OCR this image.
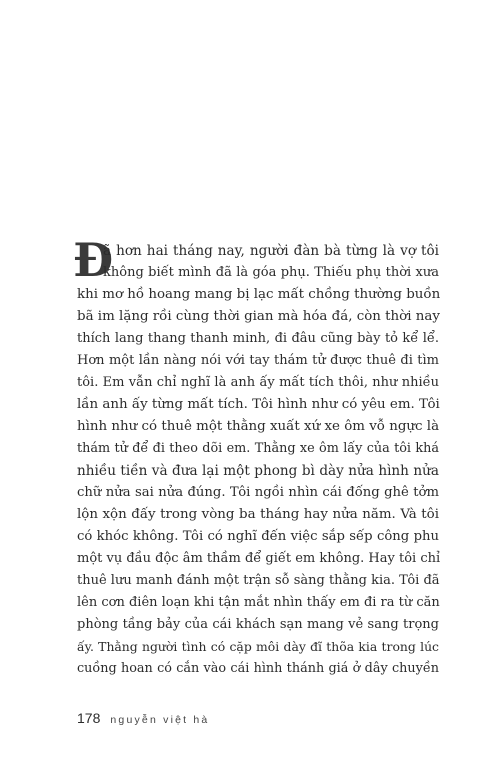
Đ
ã hơn hai tháng nay, người đàn bà từng là vợ tôi
không biết mình đã là góa phụ. Thiếu phụ thời xưa
khi mơ hồ hoang mang bị lạc mất chồng thường buồn
bã im lặng rồi cùng thời gian mà hóa đá, còn thời nay
thích lang thang thanh minh, đi đâu cũng bày tỏ kể lể.
Hơn một lần nàng nói với tay thám tử được thuê đi tìm
tôi. Em vẫn chỉ nghĩ là anh ấy mất tích thôi, như nhiều
lần anh ấy từng mất tích. Tôi hình như có yêu em. Tôi
hình như có thuê một thằng xuất xứ xe ôm vỗ ngực là
thám tử để đi theo dõi em. Thằng xe ôm lấy của tôi khá
nhiều tiền và đưa lại một phong bì dày nửa hình nửa
chữ nửa sai nửa đúng. Tôi ngồi nhìn cái đống ghê tởm
lộn xộn đấy trong vòng ba tháng hay nửa năm. Và tôi
có khóc không. Tôi có nghĩ đến việc sắp sếp công phu
một vụ đầu độc âm thầm để giết em không. Hay tôi chỉ
thuê lưu manh đánh một trận sỗ sàng thằng kia. Tôi đã
lên cơn điên loạn khi tận mắt nhìn thấy em đi ra từ căn
phòng tầng bảy của cái khách sạn mang vẻ sang trọng
ấy. Thằng người tình có cặp môi dày đĩ thõa kia trong lúc
cuồng hoan có cắn vào cái hình thánh giá ở dây chuyền
178 nguyễn việt hà
